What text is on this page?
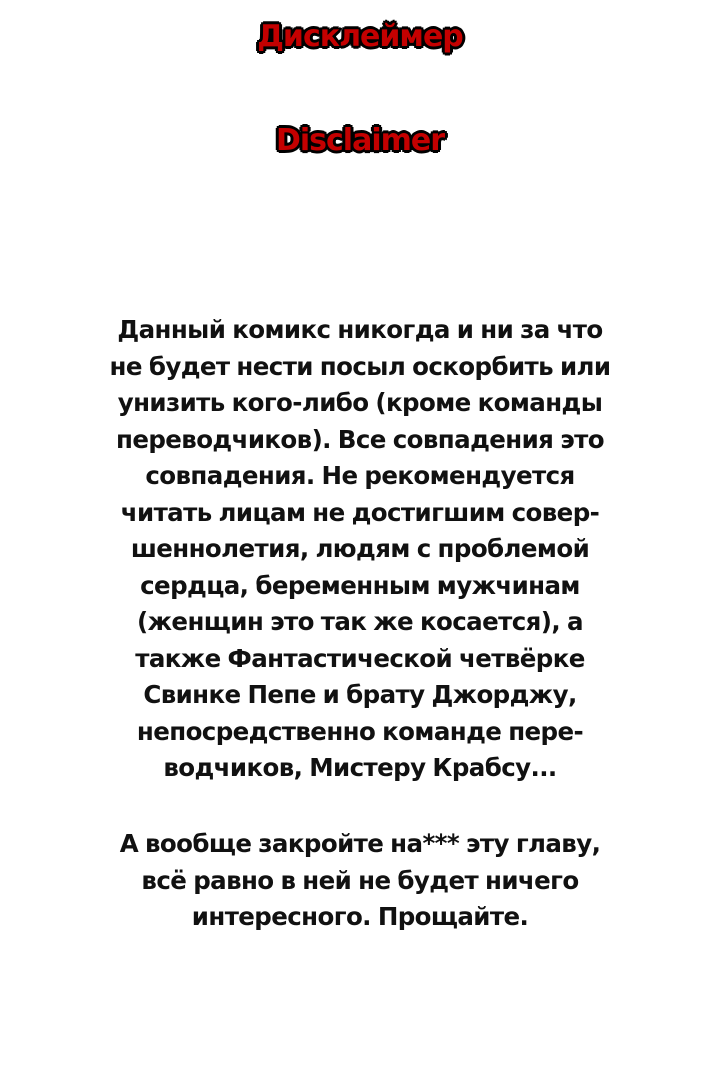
Дисклеймер
Disclaimer
Данный комикс никогда и ни за что
не будет нести посыл оскорбить или
унизить кого-либо (кроме команды
переводчиков). Все совпадения это
совпадения. Не рекомендуется
читать лицам не достигшим совер-
шеннолетия, людям с проблемой
сердца, беременным мужчинам
(женщин это так же косается), а
также Фантастической четвёрке
Свинке Пепе и брату Джорджу,
непосредственно команде пере-
водчиков, Мистеру Крабсу...
А вообще закройте на*** эту главу,
всё равно в ней не будет ничего
интересного. Прощайте.
